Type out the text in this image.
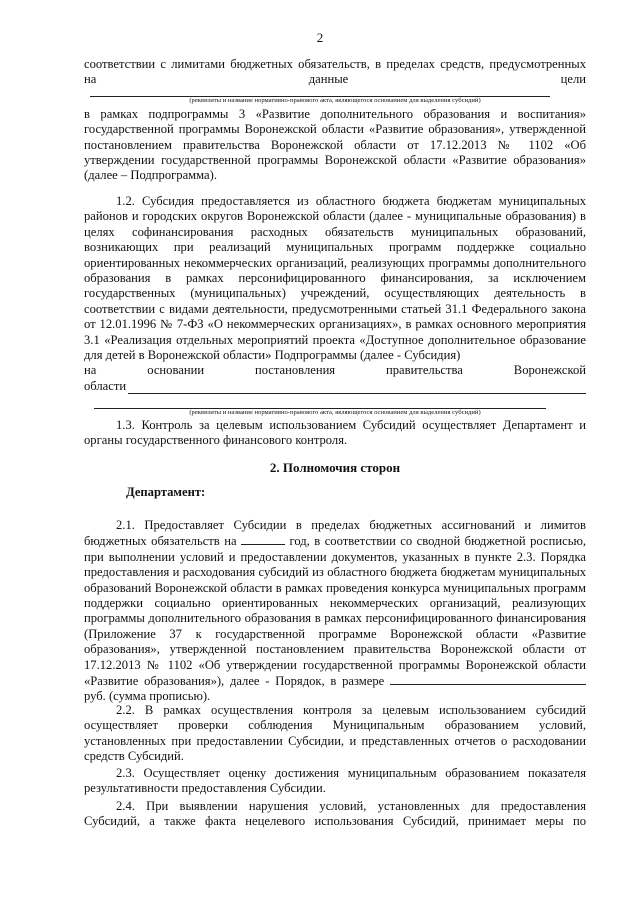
2

соответствии с лимитами бюджетных обязательств, в пределах средств, предусмотренных

на	данные	цели
(реквизиты и название нормативно-правового акта, являющегося основанием для выделения субсидий)

в рамках подпрограммы 3 «Развитие дополнительного образования и воспитания» государственной программы Воронежской области «Развитие образования», утвержденной постановлением правительства Воронежской области от 17.12.2013 № 1102 «Об утверждении государственной программы Воронежской области «Развитие образования» (далее – Подпрограмма).

1.2. Субсидия предоставляется из областного бюджета бюджетам муниципальных районов и городских округов Воронежской области (далее - муниципальные образования) в целях софинансирования расходных обязательств муниципальных образований, возникающих при реализаций муниципальных программ поддержке социально ориентированных некоммерческих организаций, реализующих программы дополнительного образования в рамках персонифицированного финансирования, за исключением государственных (муниципальных) учреждений, осуществляющих деятельность в соответствии с видами деятельности, предусмотренными статьей 31.1 Федерального закона от 12.01.1996 № 7-ФЗ «О некоммерческих организациях», в рамках основного мероприятия 3.1 «Реализация отдельных мероприятий проекта «Доступное дополнительное образование для детей в Воронежской области» Подпрограммы (далее - Субсидия)

на	основании	постановления	правительства	Воронежской
области
(реквизиты и название нормативно-правового акта, являющегося основанием для выделения субсидий)

1.3. Контроль за целевым использованием Субсидий осуществляет Департамент и органы государственного финансового контроля.

2. Полномочия сторон
Департамент:

2.1. Предоставляет Субсидии в пределах бюджетных ассигнований и лимитов бюджетных обязательств на	год, в соответствии со сводной бюджетной росписью, при выполнении условий и предоставлении документов, указанных в пункте 2.3. Порядка предоставления и расходования субсидий из областного бюджета бюджетам муниципальных образований Воронежской области в рамках проведения конкурса муниципальных программ поддержки социально ориентированных некоммерческих организаций, реализующих программы дополнительного образования в рамках персонифицированного финансирования (Приложение 37 к государственной программе Воронежской области «Развитие образования», утвержденной постановлением правительства Воронежской области от 17.12.2013 № 1102 «Об утверждении государственной программы Воронежской области «Развитие образования»), далее - Порядок, в размере  руб. (сумма прописью).

2.2. В рамках осуществления контроля за целевым использованием субсидий осуществляет проверки соблюдения Муниципальным образованием условий, установленных при предоставлении Субсидии, и представленных отчетов о расходовании средств Субсидий.

2.3. Осуществляет оценку достижения муниципальным образованием показателя результативности предоставления Субсидии.

2.4. При выявлении нарушения условий, установленных для предоставления Субсидий, а также факта нецелевого использования Субсидий, принимает меры по
